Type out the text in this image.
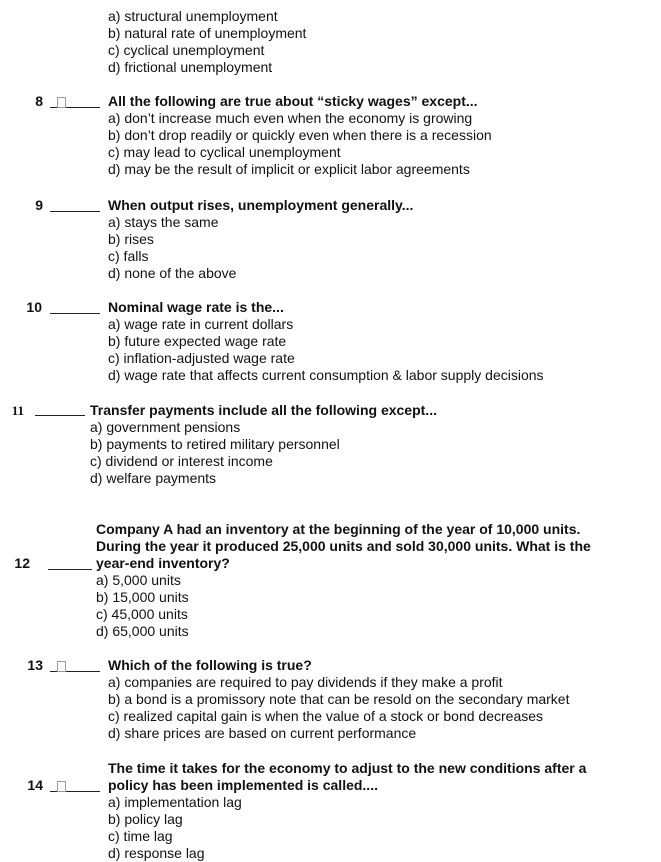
a) structural unemployment
b) natural rate of unemployment
c) cyclical unemployment
d) frictional unemployment
8	All the following are true about “sticky wages” except...
a) don’t increase much even when the economy is growing
b) don’t drop readily or quickly even when there is a recession
c) may lead to cyclical unemployment
d) may be the result of implicit or explicit labor agreements
9	When output rises, unemployment generally...
a) stays the same
b) rises
c) falls
d) none of the above
10	Nominal wage rate is the...
a) wage rate in current dollars
b) future expected wage rate
c) inflation-adjusted wage rate
d) wage rate that affects current consumption & labor supply decisions
11	Transfer payments include all the following except...
a) government pensions
b) payments to retired military personnel
c) dividend or interest income
d) welfare payments
Company A had an inventory at the beginning of the year of 10,000 units.
During the year it produced 25,000 units and sold 30,000 units. What is the
12	year-end inventory?
a) 5,000 units
b) 15,000 units
c) 45,000 units
d) 65,000 units
13	Which of the following is true?
a) companies are required to pay dividends if they make a profit
b) a bond is a promissory note that can be resold on the secondary market
c) realized capital gain is when the value of a stock or bond decreases
d) share prices are based on current performance
The time it takes for the economy to adjust to the new conditions after a
14	policy has been implemented is called....
a) implementation lag
b) policy lag
c) time lag
d) response lag
